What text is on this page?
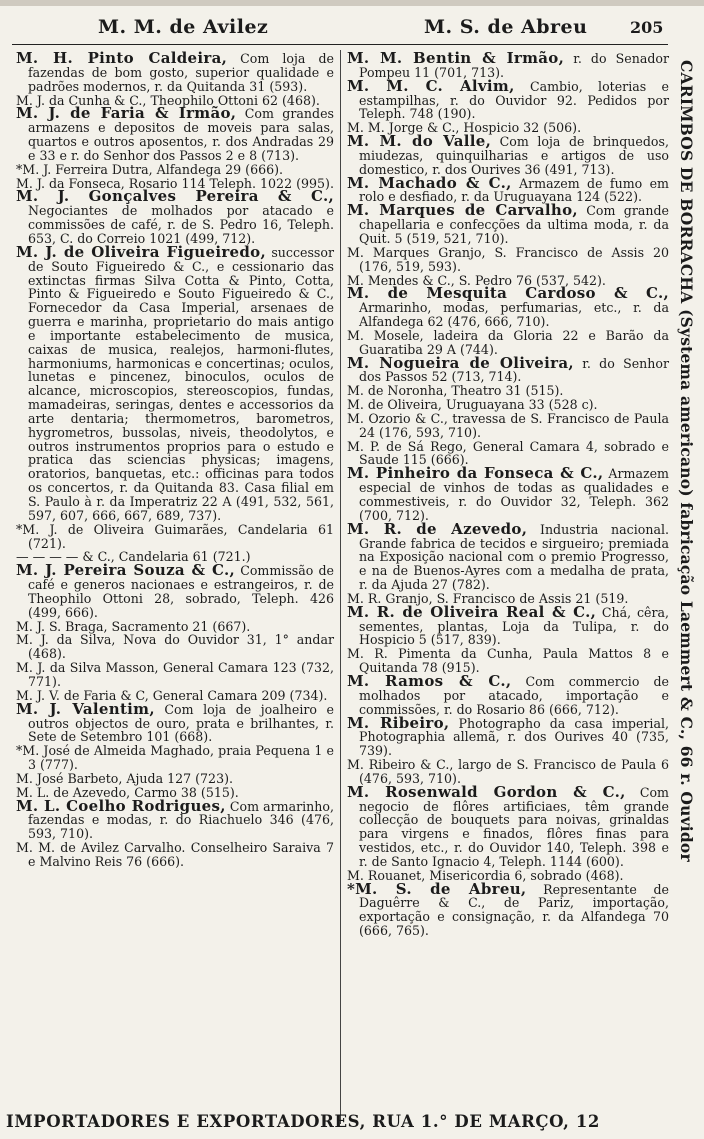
M. M. de Avilez	M. S. de Abreu	205
M. H. Pinto Caldeira, Com loja de fazendas de bom gosto, superior qualidade e padrões modernos, r. da Quitanda 31 (593).
M. J. da Cunha & C., Theophilo Ottoni 62 (468).
M. J. de Faria & Irmão, Com grandes armazens e depositos de moveis para salas, quartos e outros aposentos, r. dos Andradas 29 e 33 e r. do Senhor dos Passos 2 e 8 (713).
*M. J. Ferreira Dutra, Alfandega 29 (666).
M. J. da Fonseca, Rosario 114 Teleph. 1022 (995).
M. J. Gonçalves Pereira & C., Negociantes de molhados por atacado e commissões de café, r. de S. Pedro 16, Teleph. 653, C. do Correio 1021 (499, 712).
M. J. de Oliveira Figueiredo, successor de Souto Figueiredo & C., e cessionario das extinctas firmas Silva Cotta & Pinto, Cotta, Pinto & Figueiredo e Souto Figueiredo & C., Fornecedor da Casa Imperial, arsenaes de guerra e marinha, proprietario do mais antigo e importante estabelecimento de musica, caixas de musica, realejos, harmoni-flutes, harmoniums, harmonicas e concertinas; oculos, lunetas e pincenez, binoculos, oculos de alcance, microscopios, stereoscopios, fundas, mamadeiras, seringas, dentes e accessorios da arte dentaria; thermometros, barometros, hygrometros, bussolas, niveis, theodolytos, e outros instrumentos proprios para o estudo e pratica das sciencias physicas; imagens, oratorios, banquetas, etc.: officinas para todos os concertos, r. da Quitanda 83. Casa filial em S. Paulo à r. da Imperatriz 22 A (491, 532, 561, 597, 607, 666, 667, 689, 737).
*M. J. de Oliveira Guimarães, Candelaria 61 (721).
— — — — & C., Candelaria 61 (721.)
M. J. Pereira Souza & C., Commissão de café e generos nacionaes e estrangeiros, r. de Theophilo Ottoni 28, sobrado, Teleph. 426 (499, 666).
M. J. S. Braga, Sacramento 21 (667).
M. J. da Silva, Nova do Ouvidor 31, 1° andar (468).
M. J. da Silva Masson, General Camara 123 (732, 771).
M. J. V. de Faria & C, General Camara 209 (734).
M. J. Valentim, Com loja de joalheiro e outros objectos de ouro, prata e brilhantes, r. Sete de Setembro 101 (668).
*M. José de Almeida Maghado, praia Pequena 1 e 3 (777).
M. José Barbeto, Ajuda 127 (723).
M. L. de Azevedo, Carmo 38 (515).
M. L. Coelho Rodrigues, Com armarinho, fazendas e modas, r. do Riachuelo 346 (476, 593, 710).
M. M. de Avilez Carvalho. Conselheiro Saraiva 7 e Malvino Reis 76 (666).
M. M. Bentin & Irmão, r. do Senador Pompeu 11 (701, 713).
M. M. C. Alvim, Cambio, loterias e estampilhas, r. do Ouvidor 92. Pedidos por Teleph. 748 (190).
M. M. Jorge & C., Hospicio 32 (506).
M. M. do Valle, Com loja de brinquedos, miudezas, quinquilharias e artigos de uso domestico, r. dos Ourives 36 (491, 713).
M. Machado & C., Armazem de fumo em rolo e desfiado, r. da Uruguayana 124 (522).
M. Marques de Carvalho, Com grande chapellaria e confecções da ultima moda, r. da Quit. 5 (519, 521, 710).
M. Marques Granjo, S. Francisco de Assis 20 (176, 519, 593).
M. Mendes & C., S. Pedro 76 (537, 542).
M. de Mesquita Cardoso & C., Armarinho, modas, perfumarias, etc., r. da Alfandega 62 (476, 666, 710).
M. Mosele, ladeira da Gloria 22 e Barão da Guaratiba 29 A (744).
M. Nogueira de Oliveira, r. do Senhor dos Passos 52 (713, 714).
M. de Noronha, Theatro 31 (515).
M. de Oliveira, Uruguayana 33 (528 c).
M. Ozorio & C., travessa de S. Francisco de Paula 24 (176, 593, 710).
M. P. de Sá Rego, General Camara 4, sobrado e Saude 115 (666).
M. Pinheiro da Fonseca & C., Armazem especial de vinhos de todas as qualidades e commestiveis, r. do Ouvidor 32, Teleph. 362 (700, 712).
M. R. de Azevedo, Industria nacional. Grande fabrica de tecidos e sirgueiro; premiada na Exposição nacional com o premio Progresso, e na de Buenos-Ayres com a medalha de prata, r. da Ajuda 27 (782).
M. R. Granjo, S. Francisco de Assis 21 (519.
M. R. de Oliveira Real & C., Chá, cêra, sementes, plantas, Loja da Tulipa, r. do Hospicio 5 (517, 839).
M. R. Pimenta da Cunha, Paula Mattos 8 e Quitanda 78 (915).
M. Ramos & C., Com commercio de molhados por atacado, importação e commissões, r. do Rosario 86 (666, 712).
M. Ribeiro, Photographo da casa imperial, Photographia allemã, r. dos Ourives 40 (735, 739).
M. Ribeiro & C., largo de S. Francisco de Paula 6 (476, 593, 710).
M. Rosenwald Gordon & C., Com negocio de flôres artificiaes, têm grande collecção de bouquets para noivas, grinaldas para virgens e finados, flôres finas para vestidos, etc., r. do Ouvidor 140, Teleph. 398 e r. de Santo Ignacio 4, Teleph. 1144 (600).
M. Rouanet, Misericordia 6, sobrado (468).
*M. S. de Abreu, Representante de Daguêrre & C., de Pariz, importação, exportação e consignação, r. da Alfandega 70 (666, 765).
CARIMBOS DE BORRACHA (Systema americano) fabricação Laemmert & C., 66 r. Ouvidor
IMPORTADORES E EXPORTADORES, RUA 1.° DE MARÇO, 12
